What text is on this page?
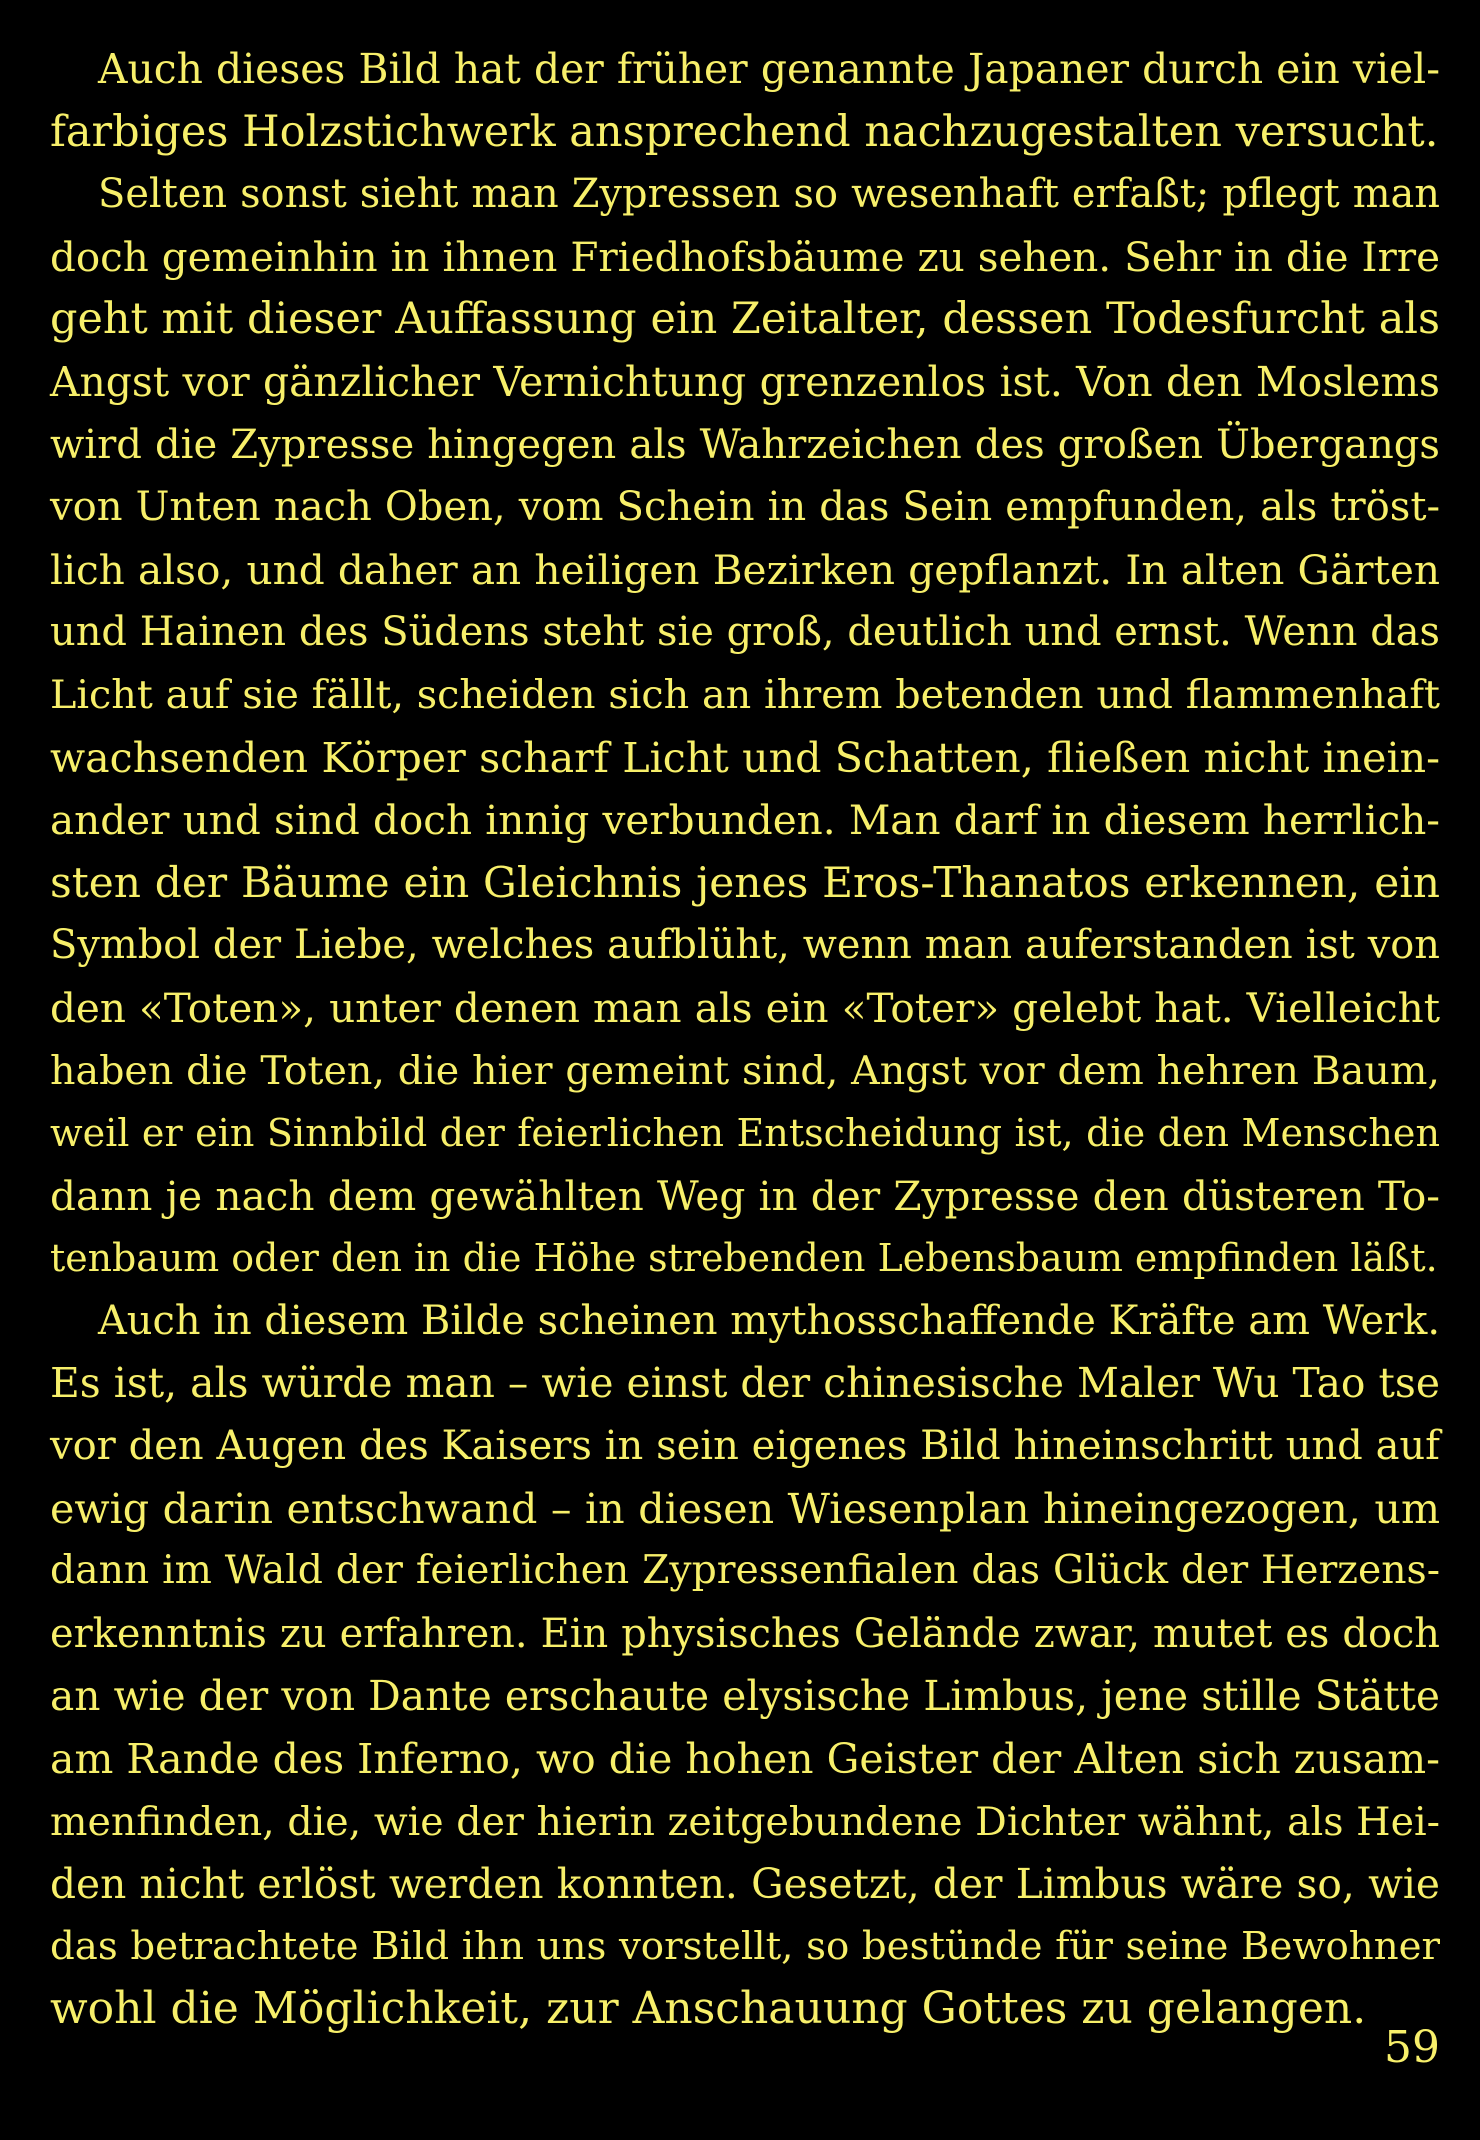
Auch dieses Bild hat der früher genannte Japaner durch ein viel-
farbiges Holzstichwerk ansprechend nachzugestalten versucht.
Selten sonst sieht man Zypressen so wesenhaft erfaßt; pflegt man
doch gemeinhin in ihnen Friedhofsbäume zu sehen. Sehr in die Irre
geht mit dieser Auffassung ein Zeitalter, dessen Todesfurcht als
Angst vor gänzlicher Vernichtung grenzenlos ist. Von den Moslems
wird die Zypresse hingegen als Wahrzeichen des großen Übergangs
von Unten nach Oben, vom Schein in das Sein empfunden, als tröst-
lich also, und daher an heiligen Bezirken gepflanzt. In alten Gärten
und Hainen des Südens steht sie groß, deutlich und ernst. Wenn das
Licht auf sie fällt, scheiden sich an ihrem betenden und flammenhaft
wachsenden Körper scharf Licht und Schatten, fließen nicht inein-
ander und sind doch innig verbunden. Man darf in diesem herrlich-
sten der Bäume ein Gleichnis jenes Eros-Thanatos erkennen, ein
Symbol der Liebe, welches aufblüht, wenn man auferstanden ist von
den «Toten», unter denen man als ein «Toter» gelebt hat. Vielleicht
haben die Toten, die hier gemeint sind, Angst vor dem hehren Baum,
weil er ein Sinnbild der feierlichen Entscheidung ist, die den Menschen
dann je nach dem gewählten Weg in der Zypresse den düsteren To-
tenbaum oder den in die Höhe strebenden Lebensbaum empfinden läßt.
Auch in diesem Bilde scheinen mythosschaffende Kräfte am Werk.
Es ist, als würde man – wie einst der chinesische Maler Wu Tao tse
vor den Augen des Kaisers in sein eigenes Bild hineinschritt und auf
ewig darin entschwand – in diesen Wiesenplan hineingezogen, um
dann im Wald der feierlichen Zypressenfialen das Glück der Herzens-
erkenntnis zu erfahren. Ein physisches Gelände zwar, mutet es doch
an wie der von Dante erschaute elysische Limbus, jene stille Stätte
am Rande des Inferno, wo die hohen Geister der Alten sich zusam-
menfinden, die, wie der hierin zeitgebundene Dichter wähnt, als Hei-
den nicht erlöst werden konnten. Gesetzt, der Limbus wäre so, wie
das betrachtete Bild ihn uns vorstellt, so bestünde für seine Bewohner
wohl die Möglichkeit, zur Anschauung Gottes zu gelangen.
59
